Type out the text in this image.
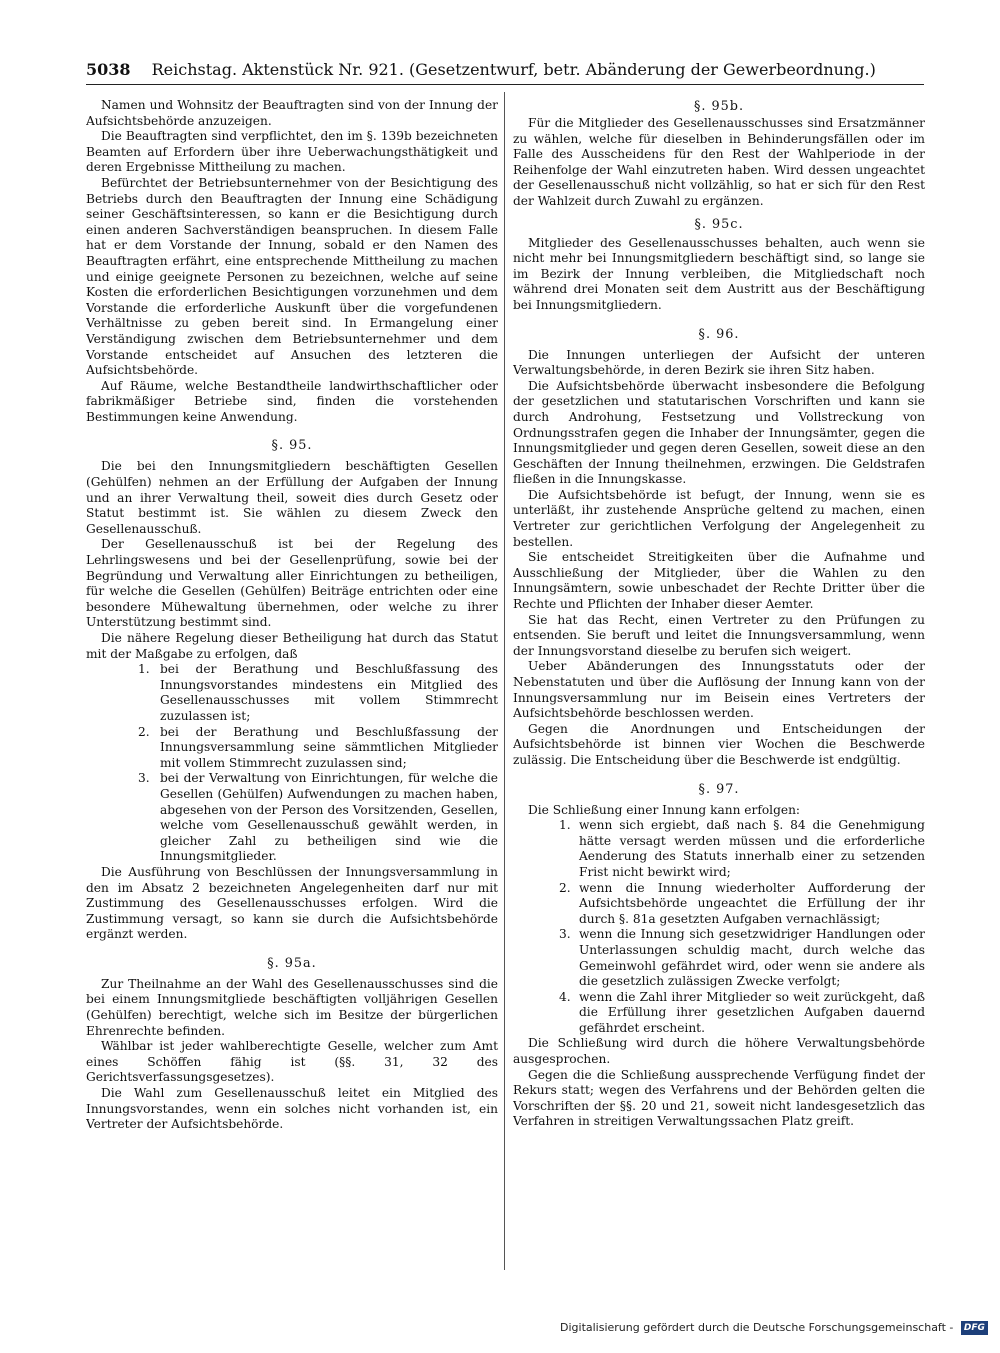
5038 Reichstag. Aktenstück Nr. 921. (Gesetzentwurf, betr. Abänderung der Gewerbeordnung.)

Namen und Wohnsitz der Beauftragten sind von der Innung der Aufsichtsbehörde anzuzeigen.

Die Beauftragten sind verpflichtet, den im §. 139b bezeichneten Beamten auf Erfordern über ihre Ueberwachungsthätigkeit und deren Ergebnisse Mittheilung zu machen.

Befürchtet der Betriebsunternehmer von der Besichtigung des Betriebs durch den Beauftragten der Innung eine Schädigung seiner Geschäftsinteressen, so kann er die Besichtigung durch einen anderen Sachverständigen beanspruchen. In diesem Falle hat er dem Vorstande der Innung, sobald er den Namen des Beauftragten erfährt, eine entsprechende Mittheilung zu machen und einige geeignete Personen zu bezeichnen, welche auf seine Kosten die erforderlichen Besichtigungen vorzunehmen und dem Vorstande die erforderliche Auskunft über die vorgefundenen Verhältnisse zu geben bereit sind. In Ermangelung einer Verständigung zwischen dem Betriebsunternehmer und dem Vorstande entscheidet auf Ansuchen des letzteren die Aufsichtsbehörde.

Auf Räume, welche Bestandtheile landwirthschaftlicher oder fabrikmäßiger Betriebe sind, finden die vorstehenden Bestimmungen keine Anwendung.

§. 95.

Die bei den Innungsmitgliedern beschäftigten Gesellen (Gehülfen) nehmen an der Erfüllung der Aufgaben der Innung und an ihrer Verwaltung theil, soweit dies durch Gesetz oder Statut bestimmt ist. Sie wählen zu diesem Zweck den Gesellenausschuß.

Der Gesellenausschuß ist bei der Regelung des Lehrlingswesens und bei der Gesellenprüfung, sowie bei der Begründung und Verwaltung aller Einrichtungen zu betheiligen, für welche die Gesellen (Gehülfen) Beiträge entrichten oder eine besondere Mühewaltung übernehmen, oder welche zu ihrer Unterstützung bestimmt sind.

Die nähere Regelung dieser Betheiligung hat durch das Statut mit der Maßgabe zu erfolgen, daß

1. bei der Berathung und Beschlußfassung des Innungsvorstandes mindestens ein Mitglied des Gesellenausschusses mit vollem Stimmrecht zuzulassen ist;
2. bei der Berathung und Beschlußfassung der Innungsversammlung seine sämmtlichen Mitglieder mit vollem Stimmrecht zuzulassen sind;
3. bei der Verwaltung von Einrichtungen, für welche die Gesellen (Gehülfen) Aufwendungen zu machen haben, abgesehen von der Person des Vorsitzenden, Gesellen, welche vom Gesellenausschuß gewählt werden, in gleicher Zahl zu betheiligen sind wie die Innungsmitglieder.

Die Ausführung von Beschlüssen der Innungsversammlung in den im Absatz 2 bezeichneten Angelegenheiten darf nur mit Zustimmung des Gesellenausschusses erfolgen. Wird die Zustimmung versagt, so kann sie durch die Aufsichtsbehörde ergänzt werden.

§. 95a.

Zur Theilnahme an der Wahl des Gesellenausschusses sind die bei einem Innungsmitgliede beschäftigten volljährigen Gesellen (Gehülfen) berechtigt, welche sich im Besitze der bürgerlichen Ehrenrechte befinden.

Wählbar ist jeder wahlberechtigte Geselle, welcher zum Amt eines Schöffen fähig ist (§§. 31, 32 des Gerichtsverfassungsgesetzes).

Die Wahl zum Gesellenausschuß leitet ein Mitglied des Innungsvorstandes, wenn ein solches nicht vorhanden ist, ein Vertreter der Aufsichtsbehörde.

§. 95b.

Für die Mitglieder des Gesellenausschusses sind Ersatzmänner zu wählen, welche für dieselben in Behinderungsfällen oder im Falle des Ausscheidens für den Rest der Wahlperiode in der Reihenfolge der Wahl einzutreten haben. Wird dessen ungeachtet der Gesellenausschuß nicht vollzählig, so hat er sich für den Rest der Wahlzeit durch Zuwahl zu ergänzen.

§. 95c.

Mitglieder des Gesellenausschusses behalten, auch wenn sie nicht mehr bei Innungsmitgliedern beschäftigt sind, so lange sie im Bezirk der Innung verbleiben, die Mitgliedschaft noch während drei Monaten seit dem Austritt aus der Beschäftigung bei Innungsmitgliedern.

§. 96.

Die Innungen unterliegen der Aufsicht der unteren Verwaltungsbehörde, in deren Bezirk sie ihren Sitz haben.

Die Aufsichtsbehörde überwacht insbesondere die Befolgung der gesetzlichen und statutarischen Vorschriften und kann sie durch Androhung, Festsetzung und Vollstreckung von Ordnungsstrafen gegen die Inhaber der Innungsämter, gegen die Innungsmitglieder und gegen deren Gesellen, soweit diese an den Geschäften der Innung theilnehmen, erzwingen. Die Geldstrafen fließen in die Innungskasse.

Die Aufsichtsbehörde ist befugt, der Innung, wenn sie es unterläßt, ihr zustehende Ansprüche geltend zu machen, einen Vertreter zur gerichtlichen Verfolgung der Angelegenheit zu bestellen.

Sie entscheidet Streitigkeiten über die Aufnahme und Ausschließung der Mitglieder, über die Wahlen zu den Innungsämtern, sowie unbeschadet der Rechte Dritter über die Rechte und Pflichten der Inhaber dieser Aemter.

Sie hat das Recht, einen Vertreter zu den Prüfungen zu entsenden. Sie beruft und leitet die Innungsversammlung, wenn der Innungsvorstand dieselbe zu berufen sich weigert.

Ueber Abänderungen des Innungsstatuts oder der Nebenstatuten und über die Auflösung der Innung kann von der Innungsversammlung nur im Beisein eines Vertreters der Aufsichtsbehörde beschlossen werden.

Gegen die Anordnungen und Entscheidungen der Aufsichtsbehörde ist binnen vier Wochen die Beschwerde zulässig. Die Entscheidung über die Beschwerde ist endgültig.

§. 97.

Die Schließung einer Innung kann erfolgen:

1. wenn sich ergiebt, daß nach §. 84 die Genehmigung hätte versagt werden müssen und die erforderliche Aenderung des Statuts innerhalb einer zu setzenden Frist nicht bewirkt wird;
2. wenn die Innung wiederholter Aufforderung der Aufsichtsbehörde ungeachtet die Erfüllung der ihr durch §. 81a gesetzten Aufgaben vernachlässigt;
3. wenn die Innung sich gesetzwidriger Handlungen oder Unterlassungen schuldig macht, durch welche das Gemeinwohl gefährdet wird, oder wenn sie andere als die gesetzlich zulässigen Zwecke verfolgt;
4. wenn die Zahl ihrer Mitglieder so weit zurückgeht, daß die Erfüllung ihrer gesetzlichen Aufgaben dauernd gefährdet erscheint.

Die Schließung wird durch die höhere Verwaltungsbehörde ausgesprochen.

Gegen die die Schließung aussprechende Verfügung findet der Rekurs statt; wegen des Verfahrens und der Behörden gelten die Vorschriften der §§. 20 und 21, soweit nicht landesgesetzlich das Verfahren in streitigen Verwaltungssachen Platz greift.

Digitalisierung gefördert durch die Deutsche Forschungsgemeinschaft - DFG
